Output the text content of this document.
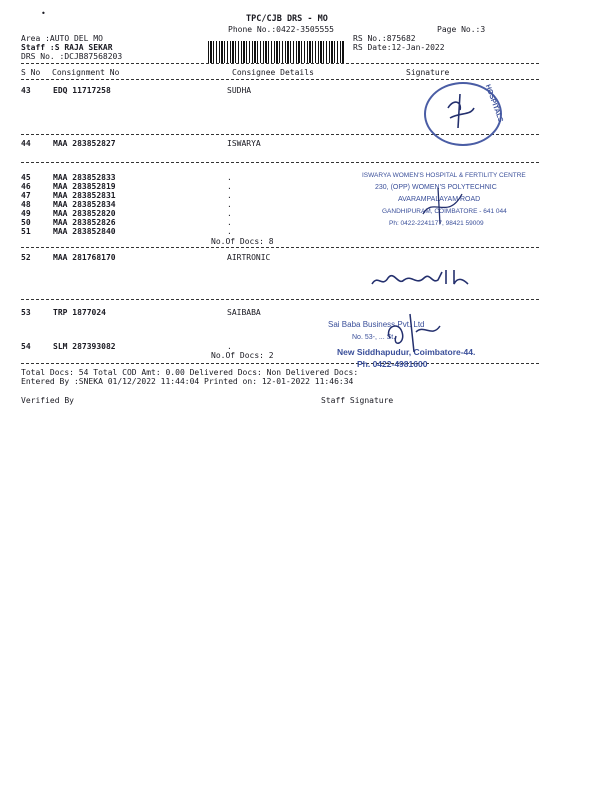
•
TPC/CJB DRS - MO
Phone No.:0422-3505555	Page No.:3
Area :AUTO DEL MO
Staff :S RAJA SEKAR
DRS No. :DCJB87568203
RS No.:875682
RS Date:12-Jan-2022
S No Consignment No	Consignee Details	Signature
43	EDQ 11717258	SUDHA
44	MAA 283852827	ISWARYA
45	MAA 283852833	.
46	MAA 283852819	.
47	MAA 283852831	.
48	MAA 283852834	.
49	MAA 283852820	.
50	MAA 283852826	.
51	MAA 283852840	.
No.Of Docs: 8
52	MAA 281768170	AIRTRONIC
53	TRP 1877024	SAIBABA
54	SLM 287393082	.
No.Of Docs: 2
Total Docs: 54 Total COD Amt: 0.00 Delivered Docs: Non Delivered Docs:
Entered By :SNEKA 01/12/2022 11:44:04 Printed on: 12-01-2022 11:46:34
Verified By	Staff Signature
HOSPITALS
ISWARYA WOMEN'S HOSPITAL & FERTILITY CENTRE
230, (OPP) WOMEN'S POLYTECHNIC
AVARAMPALAYAM ROAD
GANDHIPURAM, COIMBATORE - 641 044
Ph: 0422-2241177, 98421 59009
Sai Baba Business Pvt. Ltd
No. 53-, ... St.
New Siddhapudur, Coimbatore-44.
Ph. 0422-4981600
